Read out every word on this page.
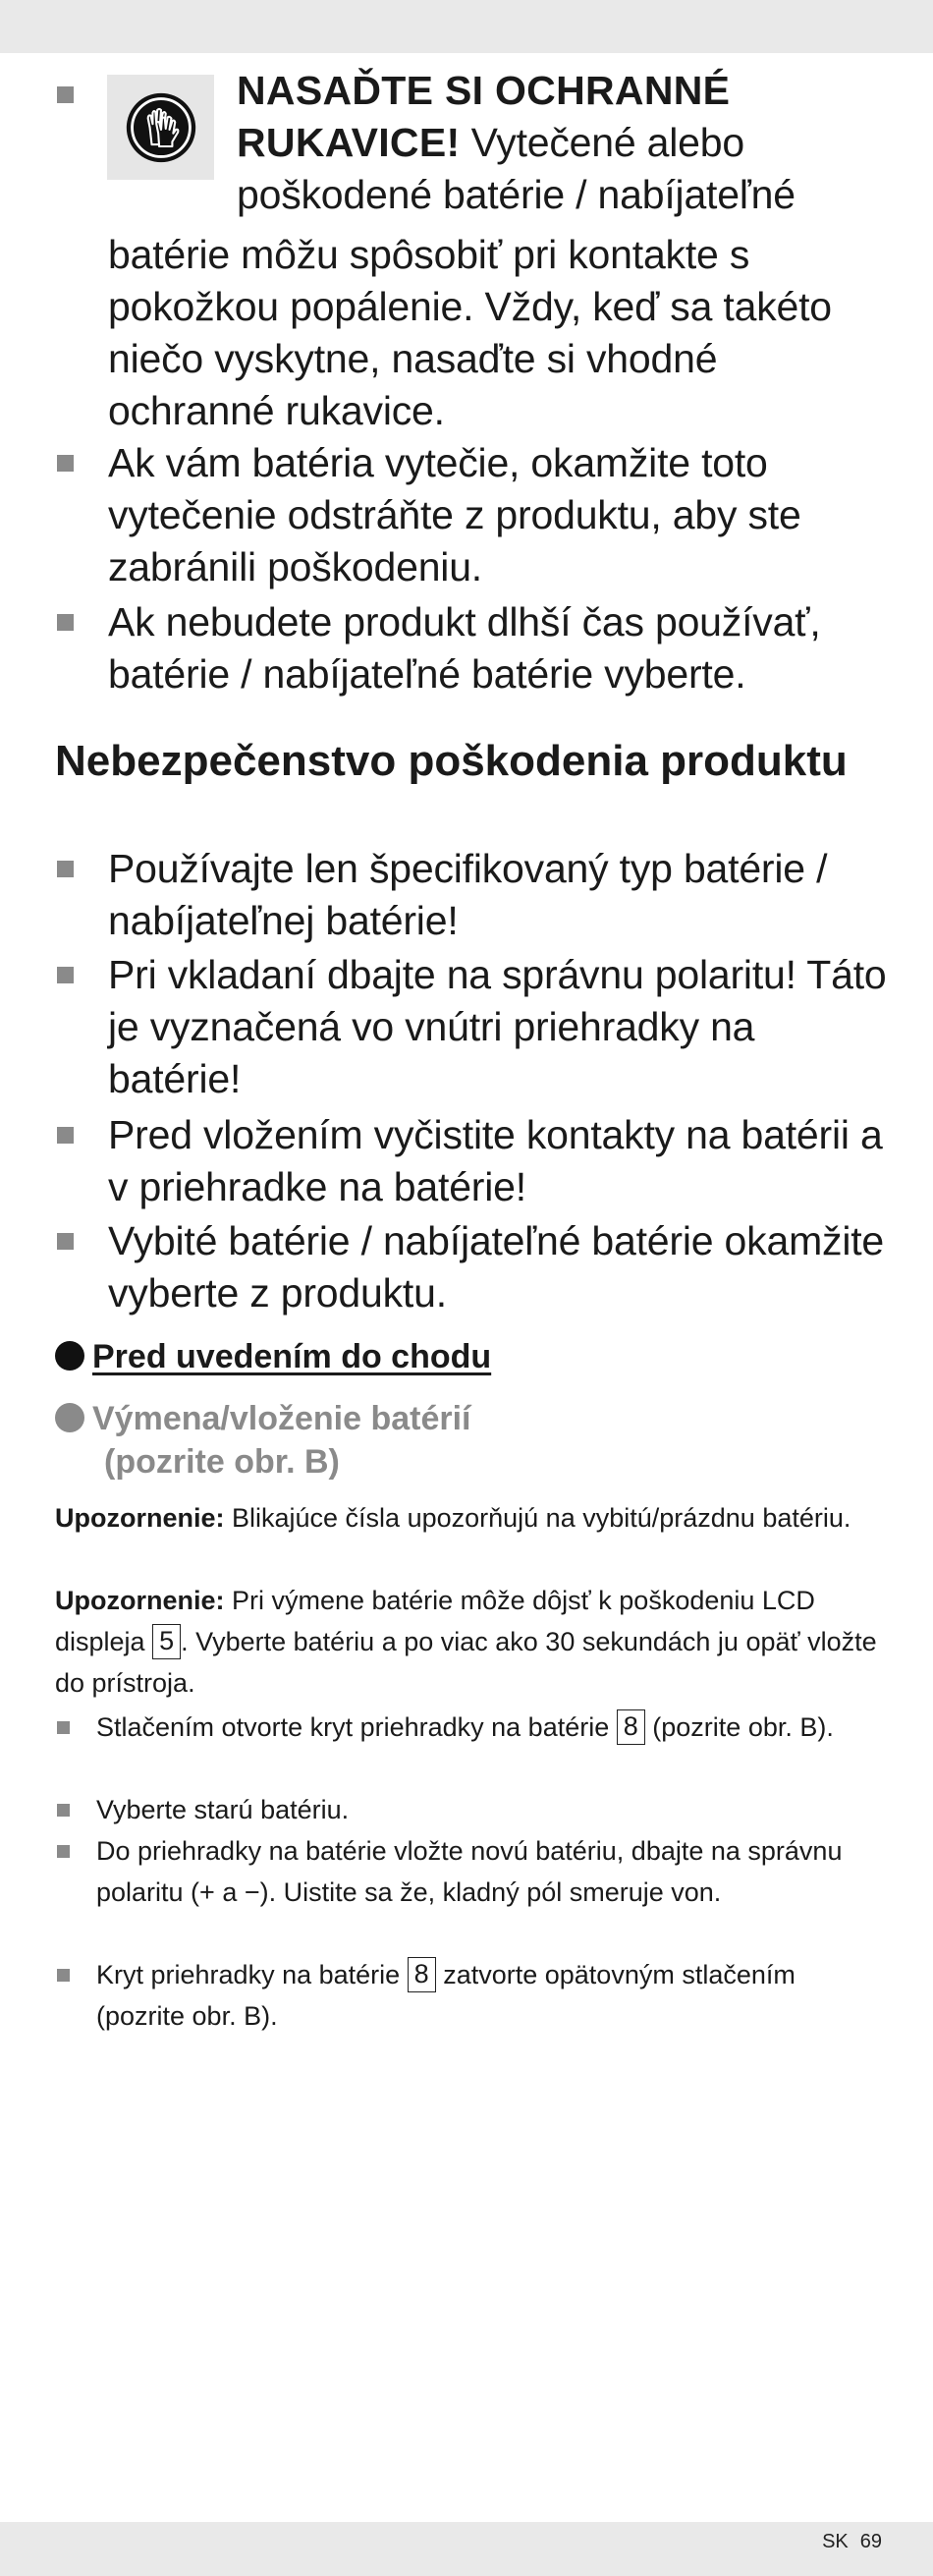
NASAĎTE SI OCHRANNÉ
RUKAVICE! Vytečené alebo
poškodené batérie / nabíjateľné
batérie môžu spôsobiť pri kontakte s pokožkou popálenie. Vždy, keď sa takéto niečo vyskytne, nasaďte si vhodné ochranné rukavice.
Ak vám batéria vytečie, okamžite toto vytečenie odstráňte z produktu, aby ste zabránili poškodeniu.
Ak nebudete produkt dlhší čas používať, batérie / nabíjateľné batérie vyberte.
Nebezpečenstvo poškodenia produktu
Používajte len špecifikovaný typ batérie / nabíjateľnej batérie!
Pri vkladaní dbajte na správnu polaritu! Táto je vyznačená vo vnútri priehradky na batérie!
Pred vložením vyčistite kontakty na batérii a v priehradke na batérie!
Vybité batérie / nabíjateľné batérie okamžite vyberte z produktu.
Pred uvedením do chodu
Výmena/vloženie batérií
(pozrite obr. B)
Upozornenie: Blikajúce čísla upozorňujú na vybitú/prázdnu batériu.
Upozornenie: Pri výmene batérie môže dôjsť k poškodeniu LCD displeja 5 . Vyberte batériu a po viac ako 30 sekundách ju opäť vložte do prístroja.
Stlačením otvorte kryt priehradky na batérie 8 (pozrite obr. B).
Vyberte starú batériu.
Do priehradky na batérie vložte novú batériu, dbajte na správnu polaritu (+ a −). Uistite sa že, kladný pól smeruje von.
Kryt priehradky na batérie 8 zatvorte opätovným stlačením (pozrite obr. B).
SK 69
